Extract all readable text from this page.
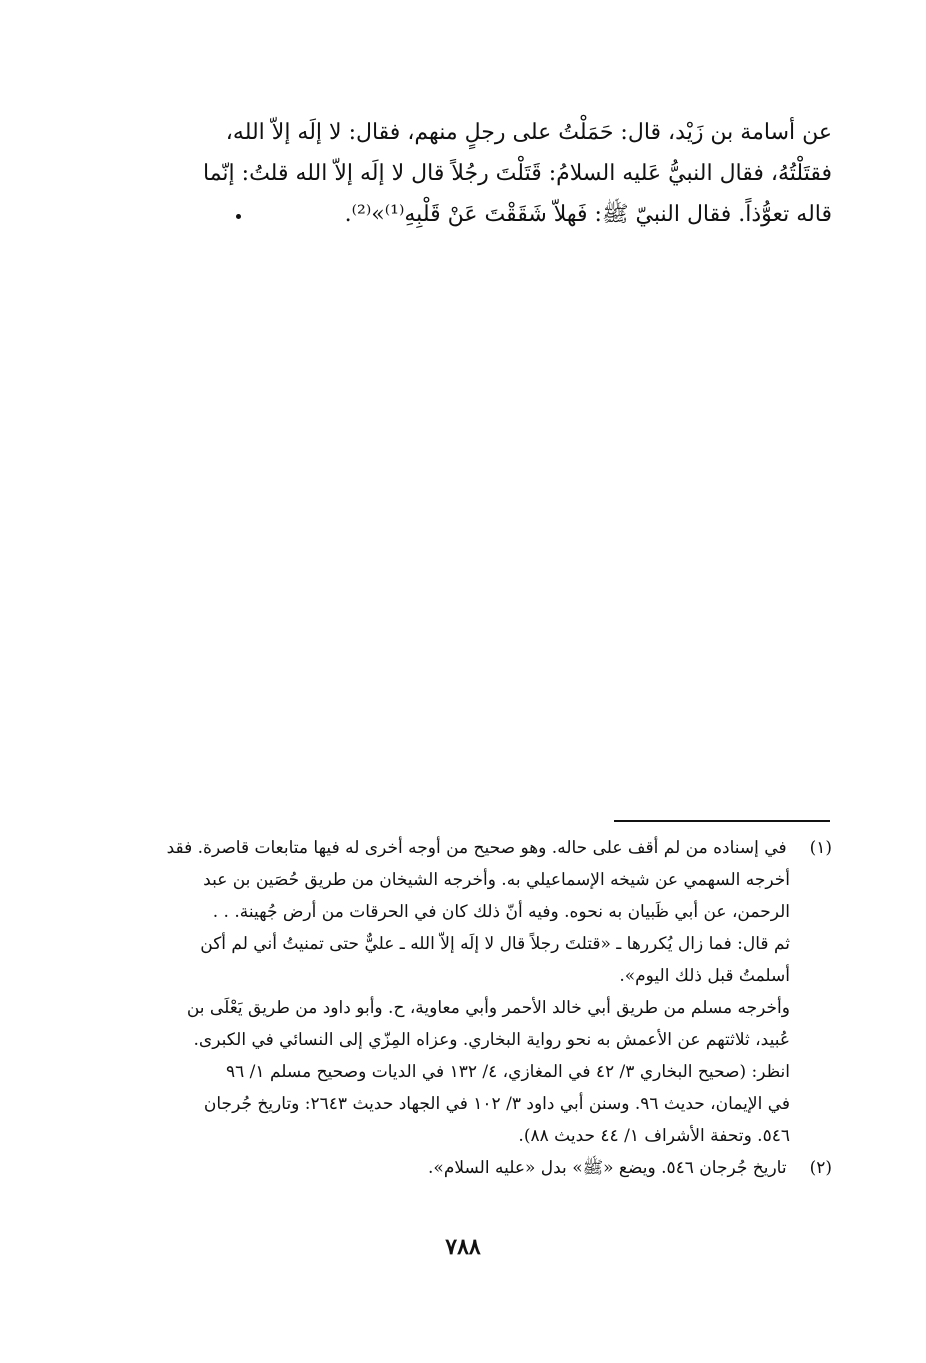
عن أسامة بن زَيْد، قال: حَمَلْتُ على رجلٍ منهم، فقال: لا إلَه إلاّ الله،
فقتَلْتُهُ، فقال النبيُّ عَليه السلامُ: قَتَلْتَ رجُلاً قال لا إلَه إلاّ الله قلتُ: إنّما
قاله تعوُّذاً. فقال النبيّ ﷺ: فَهلاّ شَقَقْتَ عَنْ قَلْبِهِ⁽¹⁾»⁽²⁾.
(١) في إسناده من لم أقف على حاله. وهو صحيح من أوجه أخرى له فيها متابعات قاصرة. فقد
أخرجه السهمي عن شيخه الإسماعيلي به. وأخرجه الشيخان من طريق حُصَين بن عبد
الرحمن، عن أبي ظَبيان به نحوه. وفيه أنّ ذلك كان في الحرقات من أرض جُهينة. . .
ثم قال: فما زال يُكررها ـ «قتلتَ رجلاً قال لا إلَه إلاّ الله ـ عليٌّ حتى تمنيتُ أني لم أكن
أسلمتُ قبل ذلك اليوم».
وأخرجه مسلم من طريق أبي خالد الأحمر وأبي معاوية، ح. وأبو داود من طريق يَعْلَى بن
عُبيد، ثلاثتهم عن الأعمش به نحو رواية البخاري. وعزاه المِزّي إلى النسائي في الكبرى.
انظر: (صحيح البخاري ٣/ ٤٢ في المغازي، ٤/ ١٣٢ في الديات وصحيح مسلم ١/ ٩٦
في الإيمان، حديث ٩٦. وسنن أبي داود ٣/ ١٠٢ في الجهاد حديث ٢٦٤٣: وتاريخ جُرجان
٥٤٦. وتحفة الأشراف ١/ ٤٤ حديث ٨٨).
(٢) تاريخ جُرجان ٥٤٦. ويضع «ﷺ» بدل «عليه السلام».
٧٨٨
